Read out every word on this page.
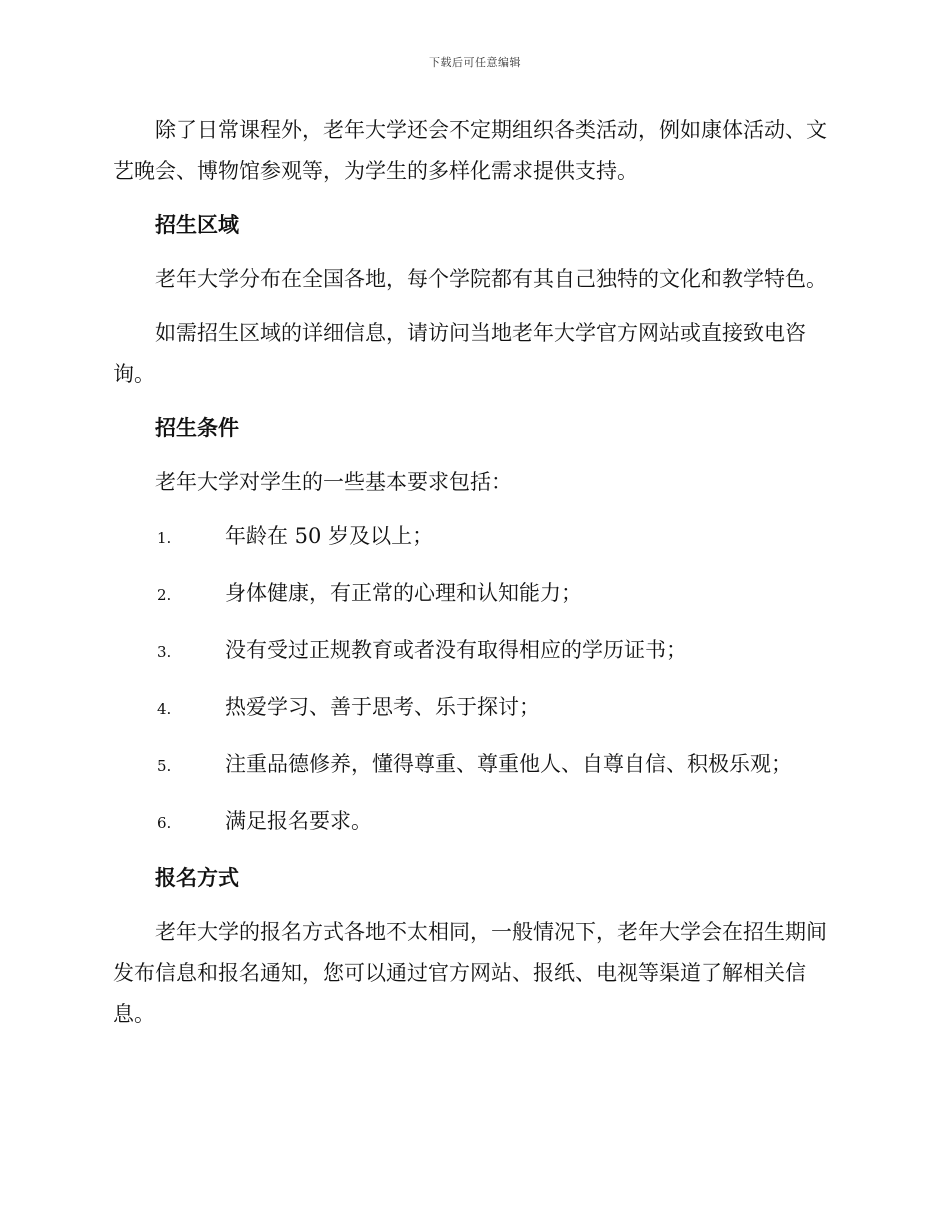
下载后可任意编辑

除了日常课程外，老年大学还会不定期组织各类活动，例如康体活动、文艺晚会、博物馆参观等，为学生的多样化需求提供支持。

招生区域

老年大学分布在全国各地，每个学院都有其自己独特的文化和教学特色。

如需招生区域的详细信息，请访问当地老年大学官方网站或直接致电咨询。

招生条件

老年大学对学生的一些基本要求包括：

1.	年龄在 50 岁及以上；
2.	身体健康，有正常的心理和认知能力；
3.	没有受过正规教育或者没有取得相应的学历证书；
4.	热爱学习、善于思考、乐于探讨；
5.	注重品德修养，懂得尊重、尊重他人、自尊自信、积极乐观；
6.	满足报名要求。
报名方式

老年大学的报名方式各地不太相同，一般情况下，老年大学会在招生期间发布信息和报名通知，您可以通过官方网站、报纸、电视等渠道了解相关信息。
